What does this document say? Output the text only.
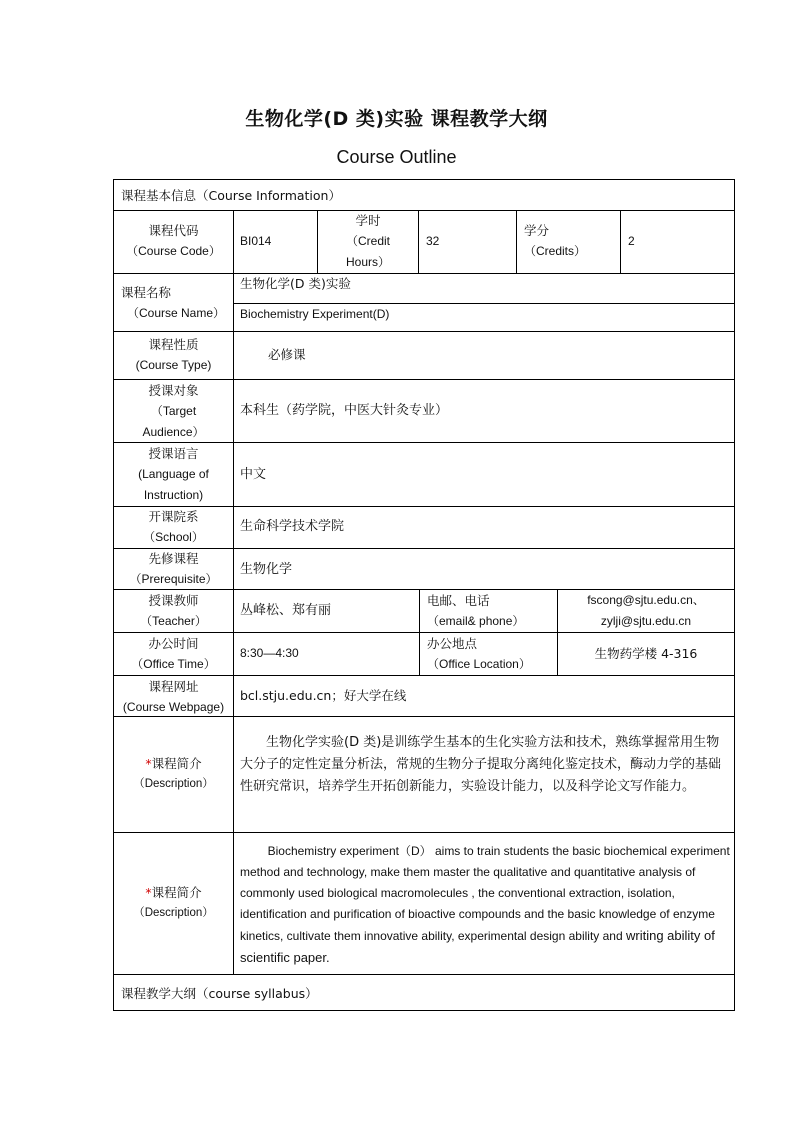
生物化学(D 类)实验 课程教学大纲
Course Outline
课程基本信息（Course Information）
课程代码
（Course Code）
BI014
学时
（Credit
Hours）
32
学分
（Credits）
2
课程名称
（Course Name）
生物化学(D 类)实验
Biochemistry Experiment(D)
课程性质
(Course Type)
必修课
授课对象
（Target
Audience）
本科生（药学院，中医大针灸专业）
授课语言
(Language of
Instruction)
中文
开课院系
（School）
生命科学技术学院
先修课程
（Prerequisite）
生物化学
授课教师
（Teacher）
丛峰松、郑有丽
电邮、电话
（email& phone）
fscong@sjtu.edu.cn、
zylji@sjtu.edu.cn
办公时间
（Office Time）
8:30—4:30
办公地点
（Office Location）
生物药学楼 4-316
课程网址
(Course Webpage)
bcl.stju.edu.cn；好大学在线
*课程简介
（Description）
生物化学实验(D 类)是训练学生基本的生化实验方法和技术，熟练掌握常用生物大分子的定性定量分析法，常规的生物分子提取分离纯化鉴定技术，酶动力学的基础性研究常识，培养学生开拓创新能力，实验设计能力，以及科学论文写作能力。
*课程简介
（Description）
Biochemistry experiment（D） aims to train students the basic biochemical experiment method and technology, make them master the qualitative and quantitative analysis of commonly used biological macromolecules , the conventional extraction, isolation, identification and purification of bioactive compounds and the basic knowledge of enzyme kinetics, cultivate them innovative ability, experimental design ability and writing ability of scientific paper.
课程教学大纲（course syllabus）
